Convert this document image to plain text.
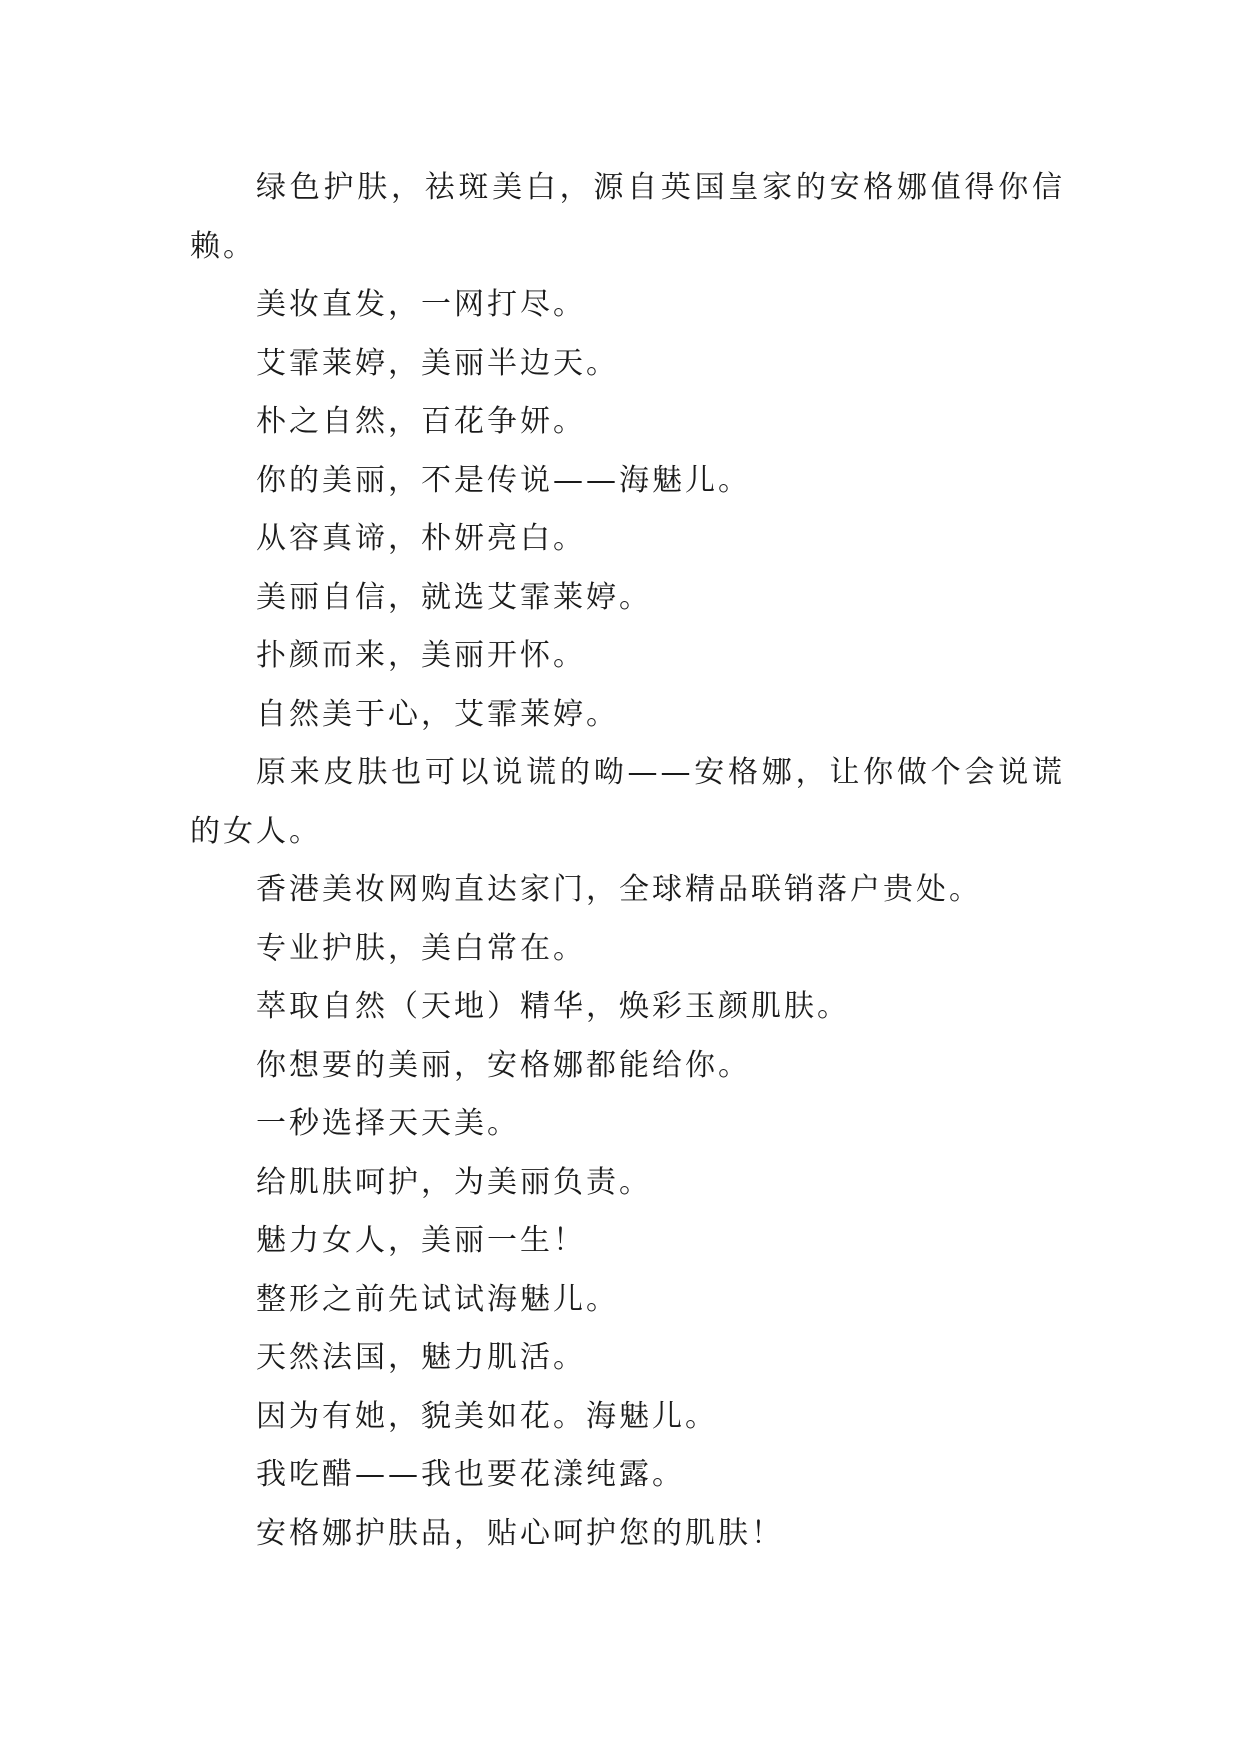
绿色护肤，祛斑美白，源自英国皇家的安格娜值得你信赖。

美妆直发，一网打尽。

艾霏莱婷，美丽半边天。

朴之自然，百花争妍。

你的美丽，不是传说——海魅儿。

从容真谛，朴妍亮白。

美丽自信，就选艾霏莱婷。

扑颜而来，美丽开怀。

自然美于心，艾霏莱婷。

原来皮肤也可以说谎的呦——安格娜，让你做个会说谎的女人。

香港美妆网购直达家门，全球精品联销落户贵处。

专业护肤，美白常在。

萃取自然（天地）精华，焕彩玉颜肌肤。

你想要的美丽，安格娜都能给你。

一秒选择天天美。

给肌肤呵护，为美丽负责。

魅力女人，美丽一生！

整形之前先试试海魅儿。

天然法国，魅力肌活。

因为有她，貌美如花。海魅儿。

我吃醋——我也要花漾纯露。

安格娜护肤品，贴心呵护您的肌肤！
